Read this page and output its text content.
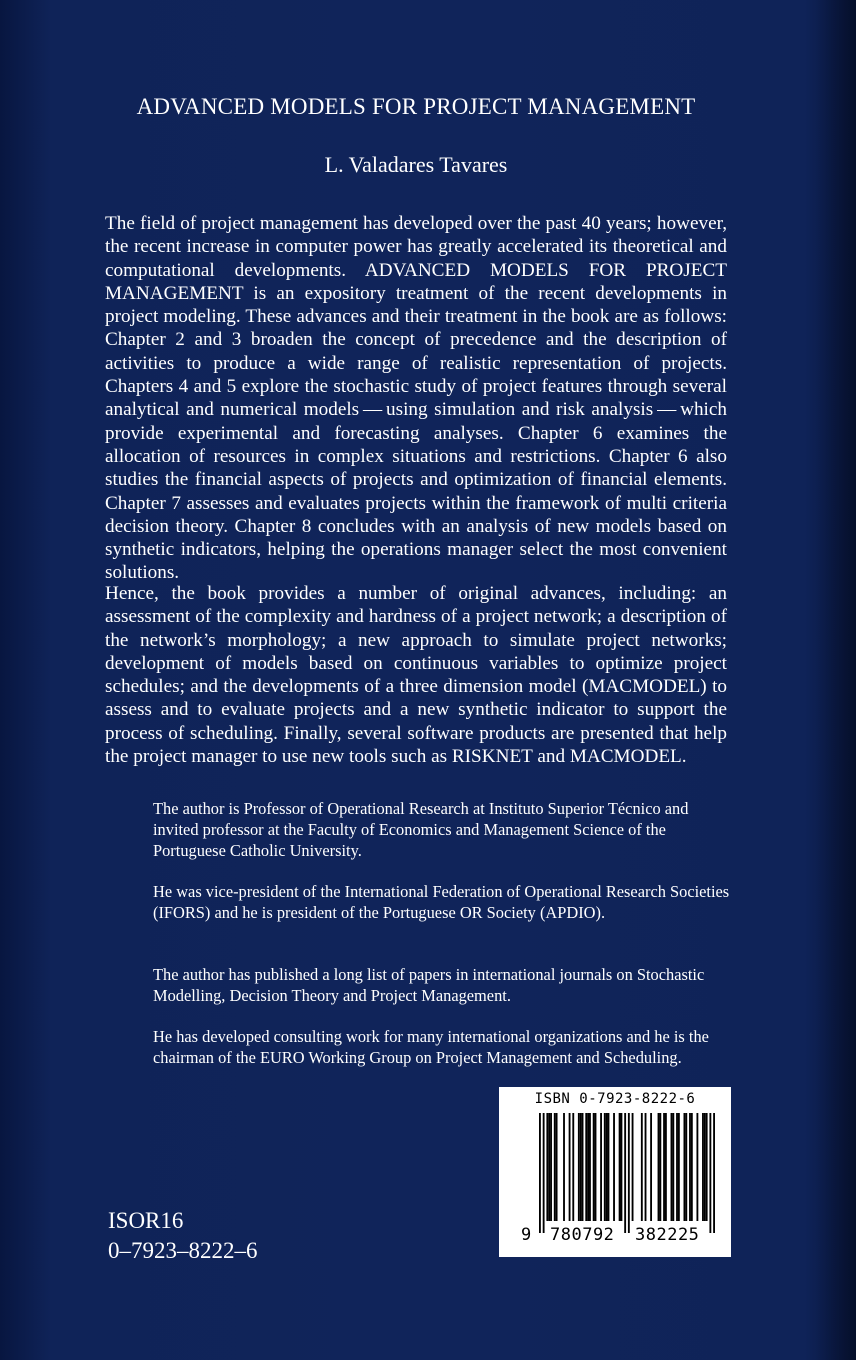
ADVANCED MODELS FOR PROJECT MANAGEMENT
L. Valadares Tavares

The field of project management has developed over the past 40 years; however, the recent increase in computer power has greatly accelerated its theoretical and computational developments. ADVANCED MODELS FOR PROJECT MANAGEMENT is an expository treatment of the recent developments in project modeling. These advances and their treatment in the book are as follows: Chapter 2 and 3 broaden the concept of precedence and the description of activities to produce a wide range of realistic representation of projects. Chapters 4 and 5 explore the stochastic study of project features through several analytical and numerical models — using simulation and risk analysis — which provide experimental and forecasting analyses. Chapter 6 examines the allocation of resources in complex situations and restrictions. Chapter 6 also studies the financial aspects of projects and optimization of financial elements. Chapter 7 assesses and evaluates projects within the framework of multi criteria decision theory. Chapter 8 concludes with an analysis of new models based on synthetic indicators, helping the operations manager select the most convenient solutions.

Hence, the book provides a number of original advances, including: an assessment of the complexity and hardness of a project network; a description of the network’s morphology; a new approach to simulate project networks; development of models based on continuous variables to optimize project schedules; and the developments of a three dimension model (MACMODEL) to assess and to evaluate projects and a new synthetic indicator to support the process of scheduling. Finally, several software products are presented that help the project manager to use new tools such as RISKNET and MACMODEL.

The author is Professor of Operational Research at Instituto Superior Técnico and invited professor at the Faculty of Economics and Management Science of the Portuguese Catholic University.

He was vice-president of the International Federation of Operational Research Societies (IFORS) and he is president of the Portuguese OR Society (APDIO).

The author has published a long list of papers in international journals on Stochastic Modelling, Decision Theory and Project Management.

He has developed consulting work for many international organizations and he is the chairman of the EURO Working Group on Project Management and Scheduling.

ISOR16
0–7923–8222–6
ISBN 0-7923-8222-6
9 780792 382225
